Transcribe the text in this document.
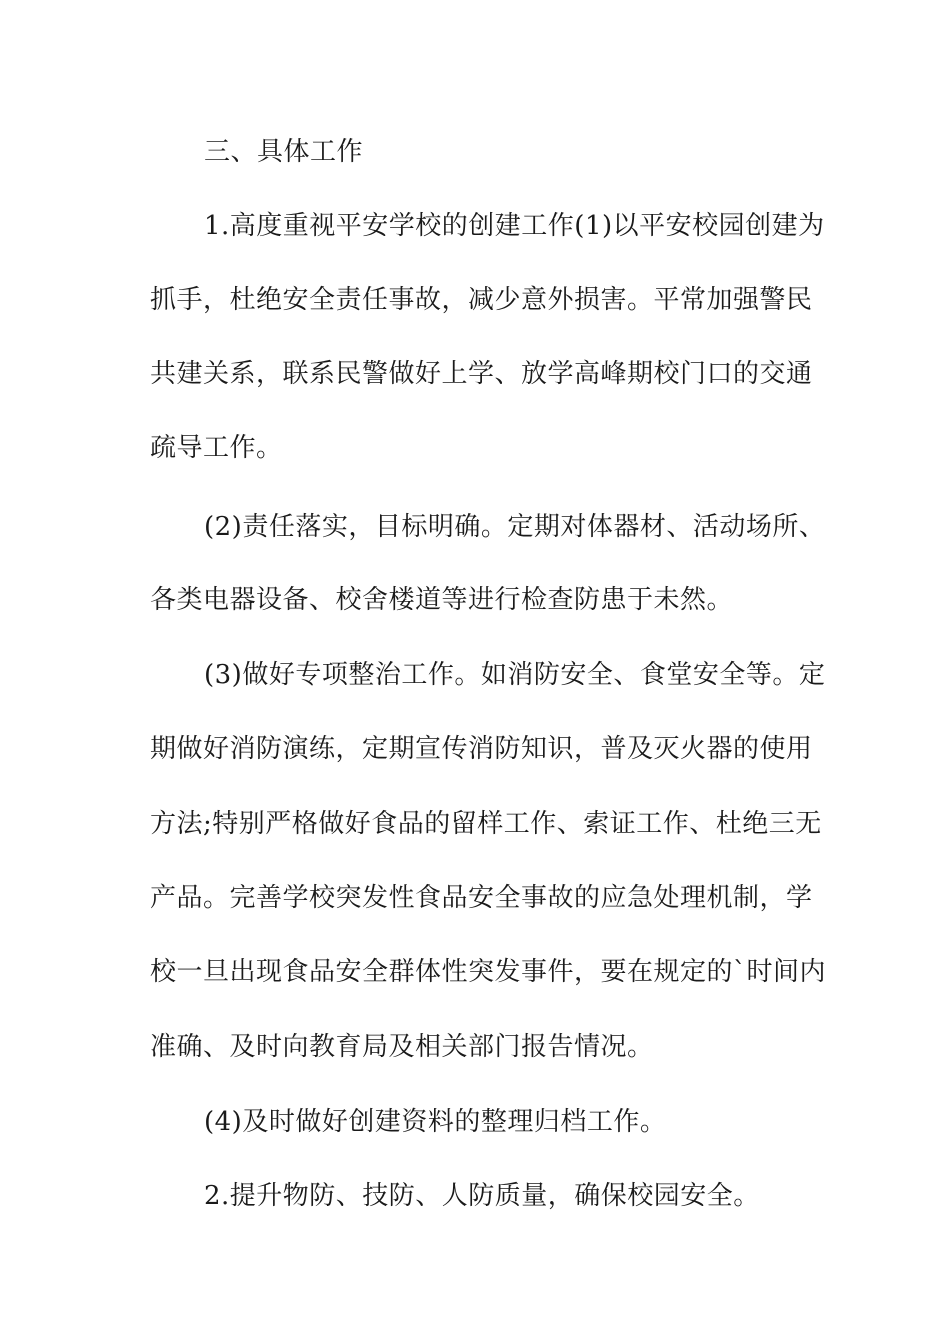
三、具体工作
1.高度重视平安学校的创建工作(1)以平安校园创建为
抓手，杜绝安全责任事故，减少意外损害。平常加强警民
共建关系，联系民警做好上学、放学高峰期校门口的交通
疏导工作。
(2)责任落实，目标明确。定期对体器材、活动场所、
各类电器设备、校舍楼道等进行检查防患于未然。
(3)做好专项整治工作。如消防安全、食堂安全等。定
期做好消防演练，定期宣传消防知识，普及灭火器的使用
方法;特别严格做好食品的留样工作、索证工作、杜绝三无
产品。完善学校突发性食品安全事故的应急处理机制，学
校一旦出现食品安全群体性突发事件，要在规定的`时间内
准确、及时向教育局及相关部门报告情况。
(4)及时做好创建资料的整理归档工作。
2.提升物防、技防、人防质量，确保校园安全。
